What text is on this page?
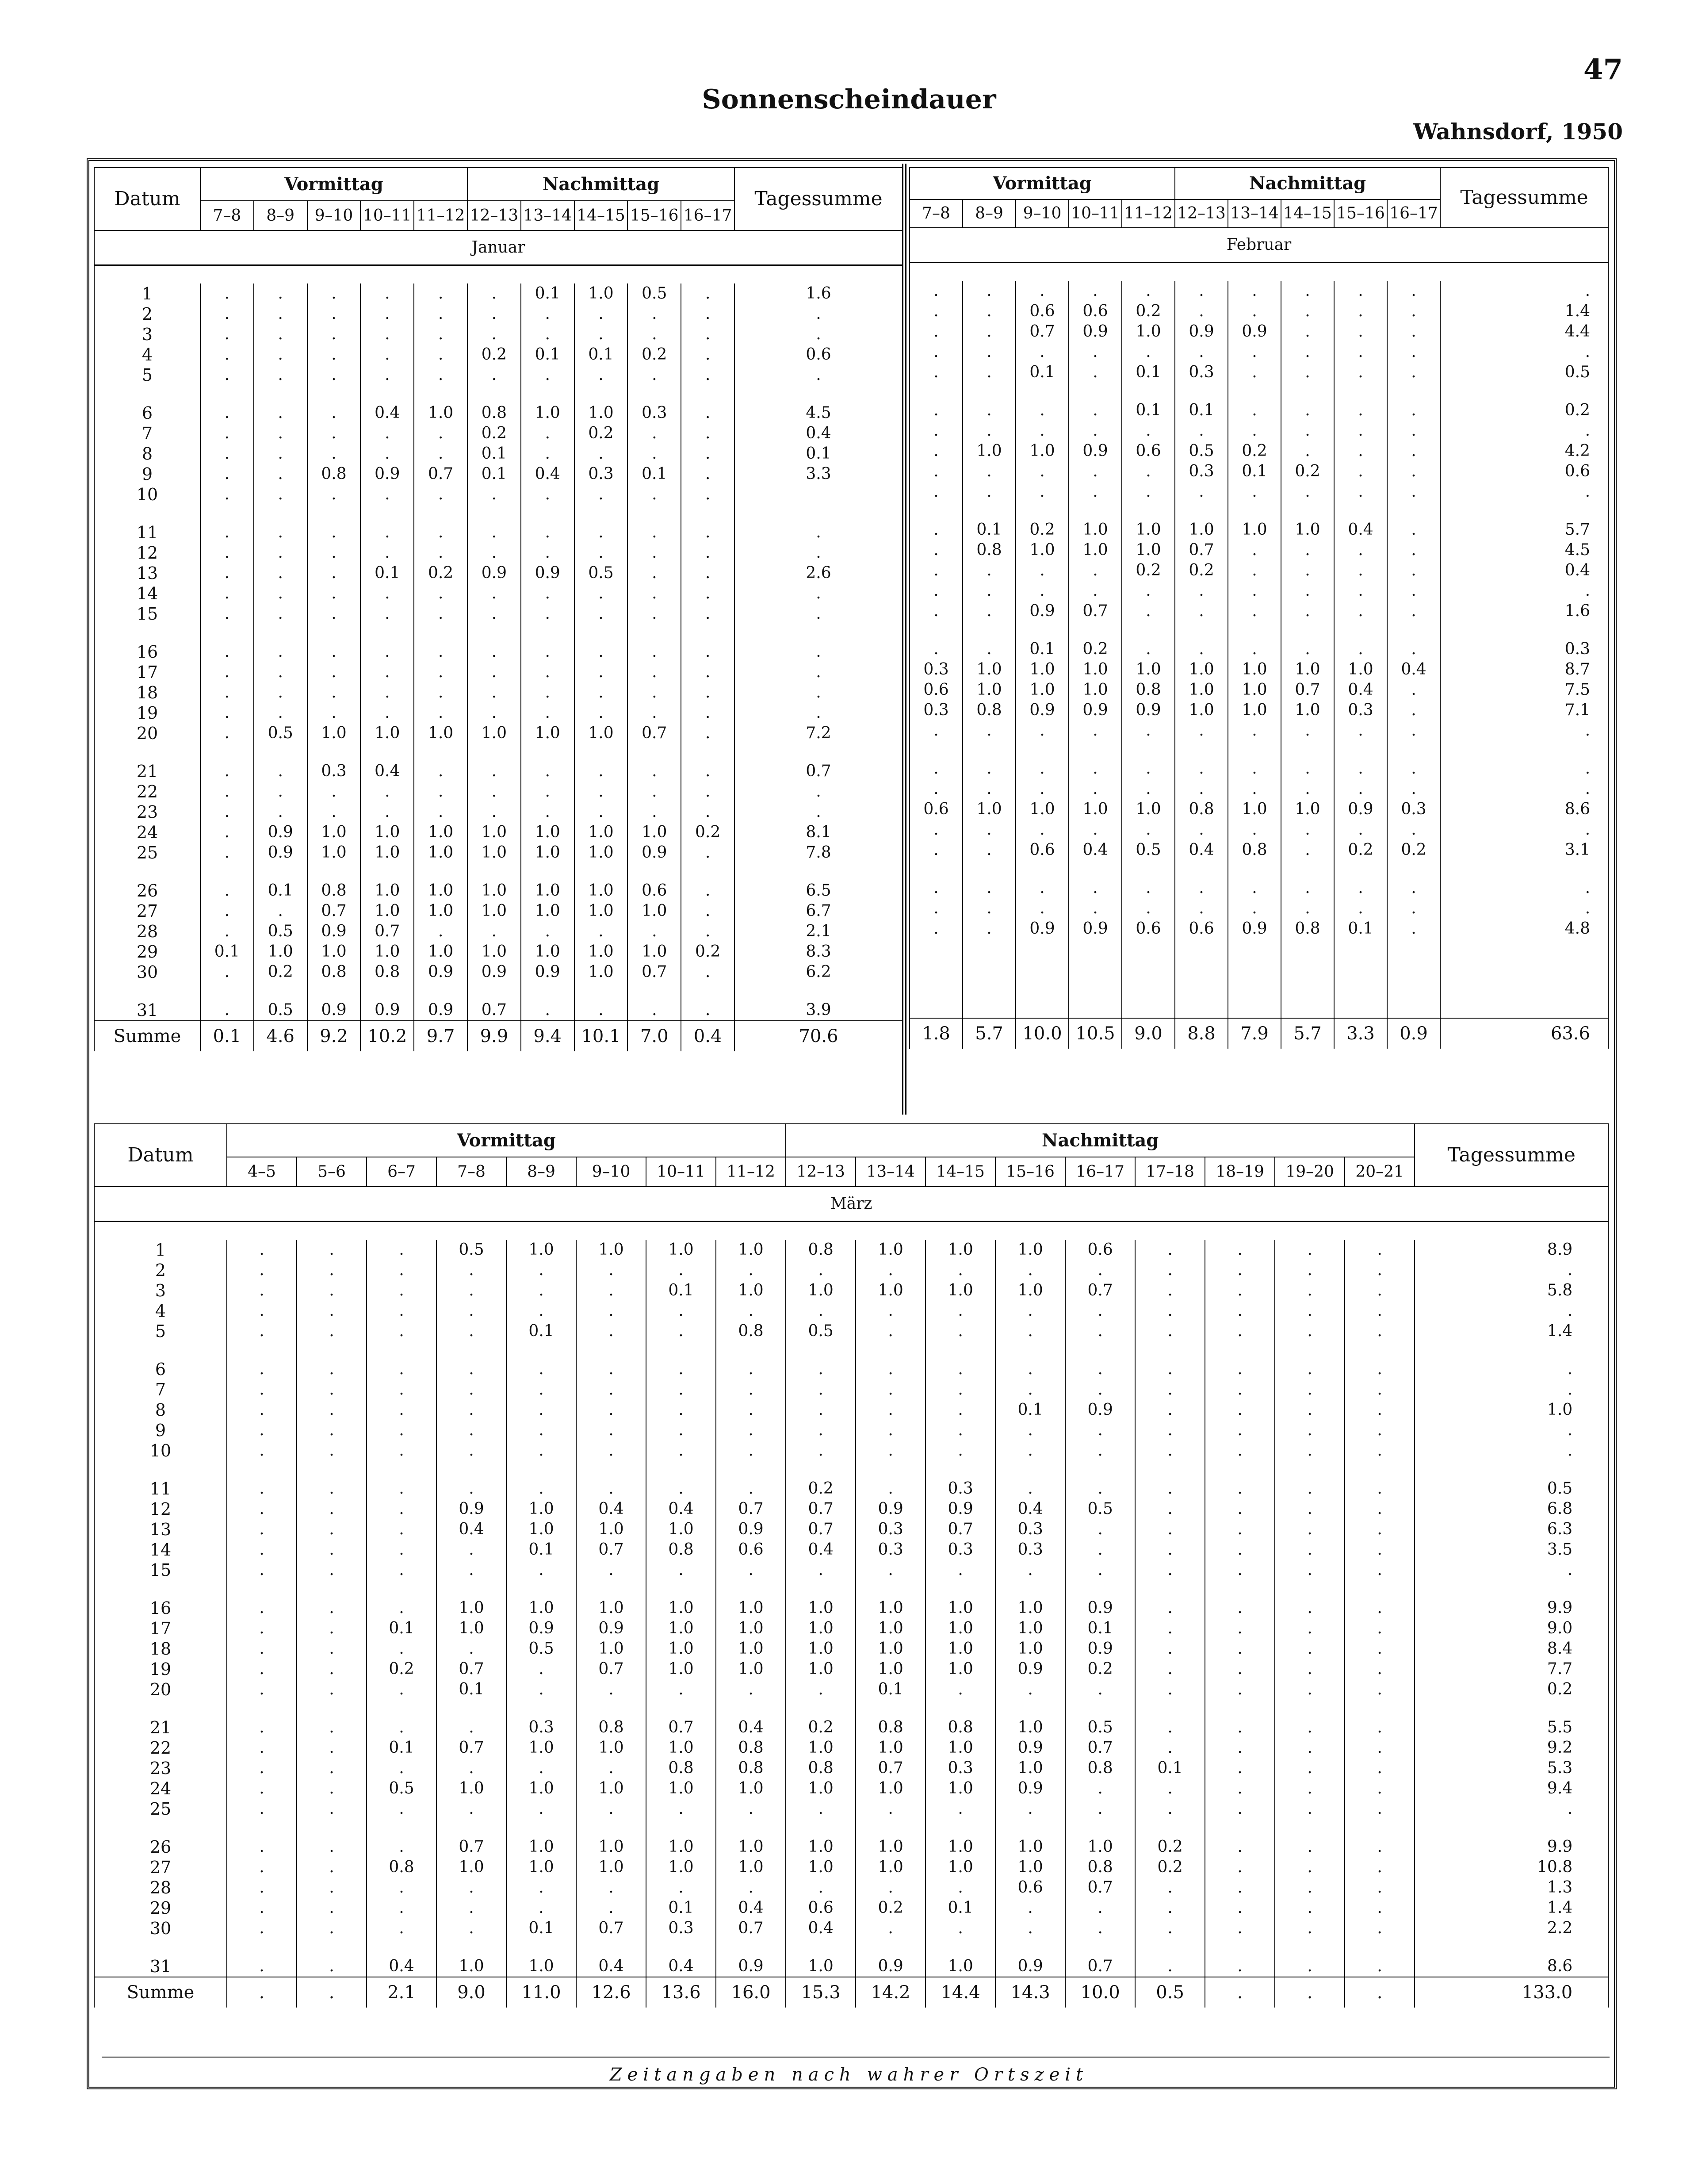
47
Sonnenscheindauer
Wahnsdorf, 1950
Zeitangaben nach wahrer Ortszeit
Datum	Vormittag					Nachmittag					Tagessumme
	7–8	8–9	9–10	10–11	11–12	12–13	13–14	14–15	15–16	16–17	
Januar											

1	.	.	.	.	.	.	0.1	1.0	0.5	.	1.6
2	.	.	.	.	.	.	.	.	.	.	.
3	.	.	.	.	.	.	.	.	.	.	.
4	.	.	.	.	.	0.2	0.1	0.1	0.2	.	0.6
5	.	.	.	.	.	.	.	.	.	.	.

6	.	.	.	0.4	1.0	0.8	1.0	1.0	0.3	.	4.5
7	.	.	.	.	.	0.2	.	0.2	.	.	0.4
8	.	.	.	.	.	0.1	.	.	.	.	0.1
9	.	.	0.8	0.9	0.7	0.1	0.4	0.3	0.1	.	3.3
10	.	.	.	.	.	.	.	.	.	.	

11	.	.	.	.	.	.	.	.	.	.	.
12	.	.	.	.	.	.	.	.	.	.	.
13	.	.	.	0.1	0.2	0.9	0.9	0.5	.	.	2.6
14	.	.	.	.	.	.	.	.	.	.	.
15	.	.	.	.	.	.	.	.	.	.	.

16	.	.	.	.	.	.	.	.	.	.	.
17	.	.	.	.	.	.	.	.	.	.	.
18	.	.	.	.	.	.	.	.	.	.	.
19	.	.	.	.	.	.	.	.	.	.	.
20	.	0.5	1.0	1.0	1.0	1.0	1.0	1.0	0.7	.	7.2

21	.	.	0.3	0.4	.	.	.	.	.	.	0.7
22	.	.	.	.	.	.	.	.	.	.	.
23	.	.	.	.	.	.	.	.	.	.	.
24	.	0.9	1.0	1.0	1.0	1.0	1.0	1.0	1.0	0.2	8.1
25	.	0.9	1.0	1.0	1.0	1.0	1.0	1.0	0.9	.	7.8

26	.	0.1	0.8	1.0	1.0	1.0	1.0	1.0	0.6	.	6.5
27	.	.	0.7	1.0	1.0	1.0	1.0	1.0	1.0	.	6.7
28	.	0.5	0.9	0.7	.	.	.	.	.	.	2.1
29	0.1	1.0	1.0	1.0	1.0	1.0	1.0	1.0	1.0	0.2	8.3
30	.	0.2	0.8	0.8	0.9	0.9	0.9	1.0	0.7	.	6.2

31	.	0.5	0.9	0.9	0.9	0.7	.	.	.	.	3.9
Summe	0.1	4.6	9.2	10.2	9.7	9.9	9.4	10.1	7.0	0.4	70.6
Vormittag					Nachmittag					Tagessumme
7–8	8–9	9–10	10–11	11–12	12–13	13–14	14–15	15–16	16–17	
Februar										

.	.	.	.	.	.	.	.	.	.	.
.	.	0.6	0.6	0.2	.	.	.	.	.	1.4
.	.	0.7	0.9	1.0	0.9	0.9	.	.	.	4.4
.	.	.	.	.	.	.	.	.	.	.
.	.	0.1	.	0.1	0.3	.	.	.	.	0.5

.	.	.	.	0.1	0.1	.	.	.	.	0.2
.	.	.	.	.	.	.	.	.	.	.
.	1.0	1.0	0.9	0.6	0.5	0.2	.	.	.	4.2
.	.	.	.	.	0.3	0.1	0.2	.	.	0.6
.	.	.	.	.	.	.	.	.	.	.

.	0.1	0.2	1.0	1.0	1.0	1.0	1.0	0.4	.	5.7
.	0.8	1.0	1.0	1.0	0.7	.	.	.	.	4.5
.	.	.	.	0.2	0.2	.	.	.	.	0.4
.	.	.	.	.	.	.	.	.	.	.
.	.	0.9	0.7	.	.	.	.	.	.	1.6

.	.	0.1	0.2	.	.	.	.	.	.	0.3
0.3	1.0	1.0	1.0	1.0	1.0	1.0	1.0	1.0	0.4	8.7
0.6	1.0	1.0	1.0	0.8	1.0	1.0	0.7	0.4	.	7.5
0.3	0.8	0.9	0.9	0.9	1.0	1.0	1.0	0.3	.	7.1
.	.	.	.	.	.	.	.	.	.	.

.	.	.	.	.	.	.	.	.	.	.
.	.	.	.	.	.	.	.	.	.	.
0.6	1.0	1.0	1.0	1.0	0.8	1.0	1.0	0.9	0.3	8.6
.	.	.	.	.	.	.	.	.	.	.
.	.	0.6	0.4	0.5	0.4	0.8	.	0.2	0.2	3.1

.	.	.	.	.	.	.	.	.	.	.
.	.	.	.	.	.	.	.	.	.	.
.	.	0.9	0.9	0.6	0.6	0.9	0.8	0.1	.	4.8

1.8	5.7	10.0	10.5	9.0	8.8	7.9	5.7	3.3	0.9	63.6
Datum	Vormittag								Nachmittag									Tagessumme
	4–5	5–6	6–7	7–8	8–9	9–10	10–11	11–12	12–13	13–14	14–15	15–16	16–17	17–18	18–19	19–20	20–21	
März																		

1	.	.	.	0.5	1.0	1.0	1.0	1.0	0.8	1.0	1.0	1.0	0.6	.	.	.	.	8.9
2	.	.	.	.	.	.	.	.	.	.	.	.	.	.	.	.	.	.
3	.	.	.	.	.	.	0.1	1.0	1.0	1.0	1.0	1.0	0.7	.	.	.	.	5.8
4	.	.	.	.	.	.	.	.	.	.	.	.	.	.	.	.	.	.
5	.	.	.	.	0.1	.	.	0.8	0.5	.	.	.	.	.	.	.	.	1.4

6	.	.	.	.	.	.	.	.	.	.	.	.	.	.	.	.	.	.
7	.	.	.	.	.	.	.	.	.	.	.	.	.	.	.	.	.	.
8	.	.	.	.	.	.	.	.	.	.	.	0.1	0.9	.	.	.	.	1.0
9	.	.	.	.	.	.	.	.	.	.	.	.	.	.	.	.	.	.
10	.	.	.	.	.	.	.	.	.	.	.	.	.	.	.	.	.	.

11	.	.	.	.	.	.	.	.	0.2	.	0.3	.	.	.	.	.	.	0.5
12	.	.	.	0.9	1.0	0.4	0.4	0.7	0.7	0.9	0.9	0.4	0.5	.	.	.	.	6.8
13	.	.	.	0.4	1.0	1.0	1.0	0.9	0.7	0.3	0.7	0.3	.	.	.	.	.	6.3
14	.	.	.	.	0.1	0.7	0.8	0.6	0.4	0.3	0.3	0.3	.	.	.	.	.	3.5
15	.	.	.	.	.	.	.	.	.	.	.	.	.	.	.	.	.	.

16	.	.	.	1.0	1.0	1.0	1.0	1.0	1.0	1.0	1.0	1.0	0.9	.	.	.	.	9.9
17	.	.	0.1	1.0	0.9	0.9	1.0	1.0	1.0	1.0	1.0	1.0	0.1	.	.	.	.	9.0
18	.	.	.	.	0.5	1.0	1.0	1.0	1.0	1.0	1.0	1.0	0.9	.	.	.	.	8.4
19	.	.	0.2	0.7	.	0.7	1.0	1.0	1.0	1.0	1.0	0.9	0.2	.	.	.	.	7.7
20	.	.	.	0.1	.	.	.	.	.	0.1	.	.	.	.	.	.	.	0.2

21	.	.	.	.	0.3	0.8	0.7	0.4	0.2	0.8	0.8	1.0	0.5	.	.	.	.	5.5
22	.	.	0.1	0.7	1.0	1.0	1.0	0.8	1.0	1.0	1.0	0.9	0.7	.	.	.	.	9.2
23	.	.	.	.	.	.	0.8	0.8	0.8	0.7	0.3	1.0	0.8	0.1	.	.	.	5.3
24	.	.	0.5	1.0	1.0	1.0	1.0	1.0	1.0	1.0	1.0	0.9	.	.	.	.	.	9.4
25	.	.	.	.	.	.	.	.	.	.	.	.	.	.	.	.	.	.

26	.	.	.	0.7	1.0	1.0	1.0	1.0	1.0	1.0	1.0	1.0	1.0	0.2	.	.	.	9.9
27	.	.	0.8	1.0	1.0	1.0	1.0	1.0	1.0	1.0	1.0	1.0	0.8	0.2	.	.	.	10.8
28	.	.	.	.	.	.	.	.	.	.	.	0.6	0.7	.	.	.	.	1.3
29	.	.	.	.	.	.	0.1	0.4	0.6	0.2	0.1	.	.	.	.	.	.	1.4
30	.	.	.	.	0.1	0.7	0.3	0.7	0.4	.	.	.	.	.	.	.	.	2.2

31	.	.	0.4	1.0	1.0	0.4	0.4	0.9	1.0	0.9	1.0	0.9	0.7	.	.	.	.	8.6
Summe	.	.	2.1	9.0	11.0	12.6	13.6	16.0	15.3	14.2	14.4	14.3	10.0	0.5	.	.	.	133.0
